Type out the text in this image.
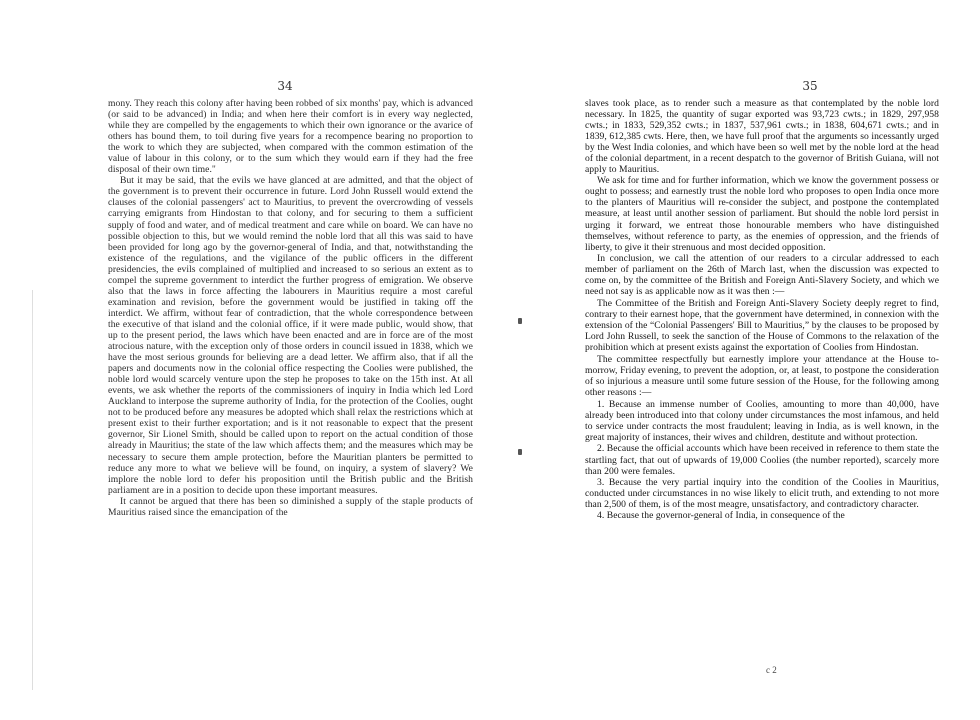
34

mony. They reach this colony after having been robbed of six months' pay, which is advanced (or said to be advanced) in India; and when here their comfort is in every way neglected, while they are compelled by the engagements to which their own ignorance or the avarice of others has bound them, to toil during five years for a recompence bearing no proportion to the work to which they are subjected, when compared with the common estimation of the value of labour in this colony, or to the sum which they would earn if they had the free disposal of their own time."

But it may be said, that the evils we have glanced at are admitted, and that the object of the government is to prevent their occurrence in future. Lord John Russell would extend the clauses of the colonial passengers' act to Mauritius, to prevent the overcrowding of vessels carrying emigrants from Hindostan to that colony, and for securing to them a sufficient supply of food and water, and of medical treatment and care while on board. We can have no possible objection to this, but we would remind the noble lord that all this was said to have been provided for long ago by the governor-general of India, and that, notwithstanding the existence of the regulations, and the vigilance of the public officers in the different presidencies, the evils complained of multiplied and increased to so serious an extent as to compel the supreme government to interdict the further progress of emigration. We observe also that the laws in force affecting the labourers in Mauritius require a most careful examination and revision, before the government would be justified in taking off the interdict. We affirm, without fear of contradiction, that the whole correspondence between the executive of that island and the colonial office, if it were made public, would show, that up to the present period, the laws which have been enacted and are in force are of the most atrocious nature, with the exception only of those orders in council issued in 1838, which we have the most serious grounds for believing are a dead letter. We affirm also, that if all the papers and documents now in the colonial office respecting the Coolies were published, the noble lord would scarcely venture upon the step he proposes to take on the 15th inst. At all events, we ask whether the reports of the commissioners of inquiry in India which led Lord Auckland to interpose the supreme authority of India, for the protection of the Coolies, ought not to be produced before any measures be adopted which shall relax the restrictions which at present exist to their further exportation; and is it not reasonable to expect that the present governor, Sir Lionel Smith, should be called upon to report on the actual condition of those already in Mauritius; the state of the law which affects them; and the measures which may be necessary to secure them ample protection, before the Mauritian planters be permitted to reduce any more to what we believe will be found, on inquiry, a system of slavery? We implore the noble lord to defer his proposition until the British public and the British parliament are in a position to decide upon these important measures.

It cannot be argued that there has been so diminished a supply of the staple products of Mauritius raised since the emancipation of the

35

slaves took place, as to render such a measure as that contemplated by the noble lord necessary. In 1825, the quantity of sugar exported was 93,723 cwts.; in 1829, 297,958 cwts.; in 1833, 529,352 cwts.; in 1837, 537,961 cwts.; in 1838, 604,671 cwts.; and in 1839, 612,385 cwts. Here, then, we have full proof that the arguments so incessantly urged by the West India colonies, and which have been so well met by the noble lord at the head of the colonial department, in a recent despatch to the governor of British Guiana, will not apply to Mauritius.

We ask for time and for further information, which we know the government possess or ought to possess; and earnestly trust the noble lord who proposes to open India once more to the planters of Mauritius will re-consider the subject, and postpone the contemplated measure, at least until another session of parliament. But should the noble lord persist in urging it forward, we entreat those honourable members who have distinguished themselves, without reference to party, as the enemies of oppression, and the friends of liberty, to give it their strenuous and most decided opposition.

In conclusion, we call the attention of our readers to a circular addressed to each member of parliament on the 26th of March last, when the discussion was expected to come on, by the committee of the British and Foreign Anti-Slavery Society, and which we need not say is as applicable now as it was then :—

The Committee of the British and Foreign Anti-Slavery Society deeply regret to find, contrary to their earnest hope, that the government have determined, in connexion with the extension of the “Colonial Passengers' Bill to Mauritius,” by the clauses to be proposed by Lord John Russell, to seek the sanction of the House of Commons to the relaxation of the prohibition which at present exists against the exportation of Coolies from Hindostan.

The committee respectfully but earnestly implore your attendance at the House to-morrow, Friday evening, to prevent the adoption, or, at least, to postpone the consideration of so injurious a measure until some future session of the House, for the following among other reasons :—

1. Because an immense number of Coolies, amounting to more than 40,000, have already been introduced into that colony under circumstances the most infamous, and held to service under contracts the most fraudulent; leaving in India, as is well known, in the great majority of instances, their wives and children, destitute and without protection.

2. Because the official accounts which have been received in reference to them state the startling fact, that out of upwards of 19,000 Coolies (the number reported), scarcely more than 200 were females.

3. Because the very partial inquiry into the condition of the Coolies in Mauritius, conducted under circumstances in no wise likely to elicit truth, and extending to not more than 2,500 of them, is of the most meagre, unsatisfactory, and contradictory character.

4. Because the governor-general of India, in consequence of the

c 2
